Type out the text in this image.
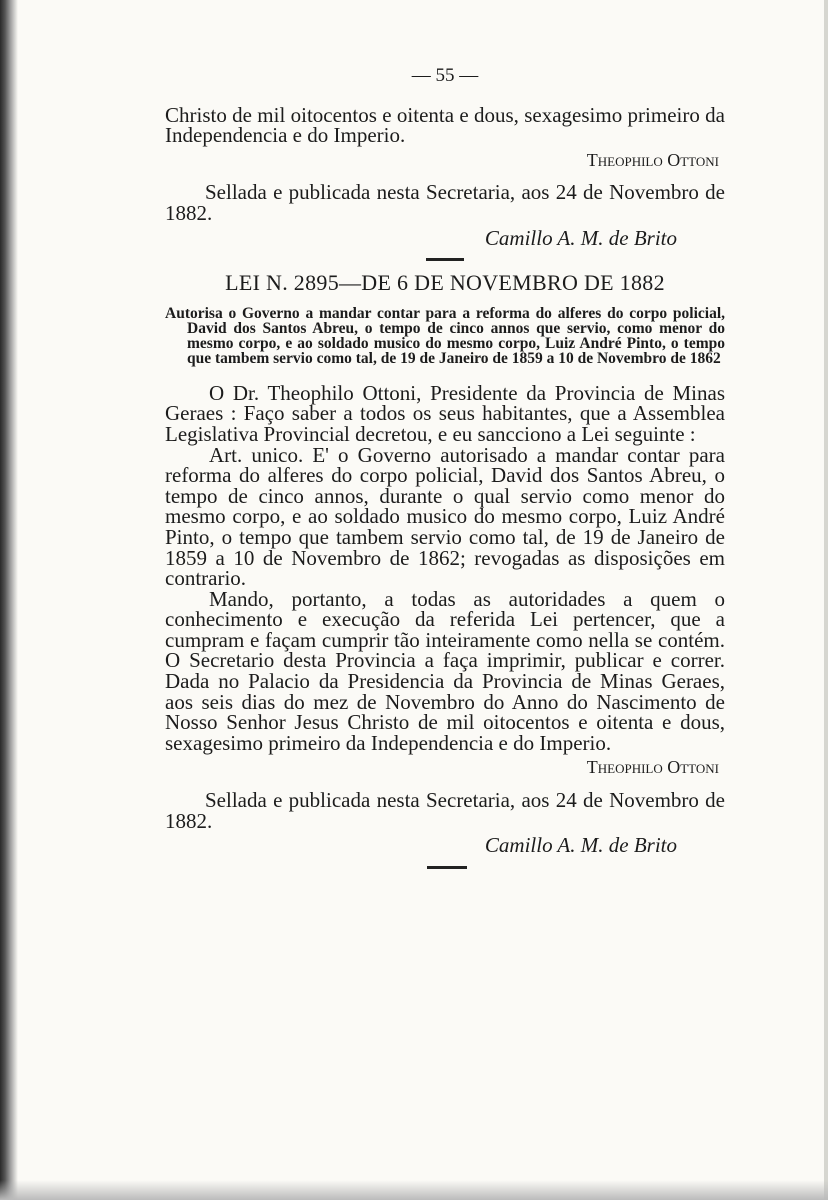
— 55 —

Christo de mil oitocentos e oitenta e dous, sexagesimo primeiro da Independencia e do Imperio.

Theophilo Ottoni

Sellada e publicada nesta Secretaria, aos 24 de Novembro de 1882.

Camillo A. M. de Brito
LEI N. 2895—DE 6 DE NOVEMBRO DE 1882
Autorisa o Governo a mandar contar para a reforma do alferes do corpo policial, David dos Santos Abreu, o tempo de cinco annos que servio, como menor do mesmo corpo, e ao soldado musico do mesmo corpo, Luiz André Pinto, o tempo que tambem servio como tal, de 19 de Janeiro de 1859 a 10 de Novembro de 1862

O Dr. Theophilo Ottoni, Presidente da Provincia de Minas Geraes : Faço saber a todos os seus habitantes, que a Assemblea Legislativa Provincial decretou, e eu sancciono a Lei seguinte :

Art. unico. E' o Governo autorisado a mandar contar para reforma do alferes do corpo policial, David dos Santos Abreu, o tempo de cinco annos, durante o qual servio como menor do mesmo corpo, e ao soldado musico do mesmo corpo, Luiz André Pinto, o tempo que tambem servio como tal, de 19 de Janeiro de 1859 a 10 de Novembro de 1862; revogadas as disposições em contrario.

Mando, portanto, a todas as autoridades a quem o conhecimento e execução da referida Lei pertencer, que a cumpram e façam cumprir tão inteiramente como nella se contém. O Secretario desta Provincia a faça imprimir, publicar e correr. Dada no Palacio da Presidencia da Provincia de Minas Geraes, aos seis dias do mez de Novembro do Anno do Nascimento de Nosso Senhor Jesus Christo de mil oitocentos e oitenta e dous, sexagesimo primeiro da Independencia e do Imperio.

Theophilo Ottoni

Sellada e publicada nesta Secretaria, aos 24 de Novembro de 1882.

Camillo A. M. de Brito
